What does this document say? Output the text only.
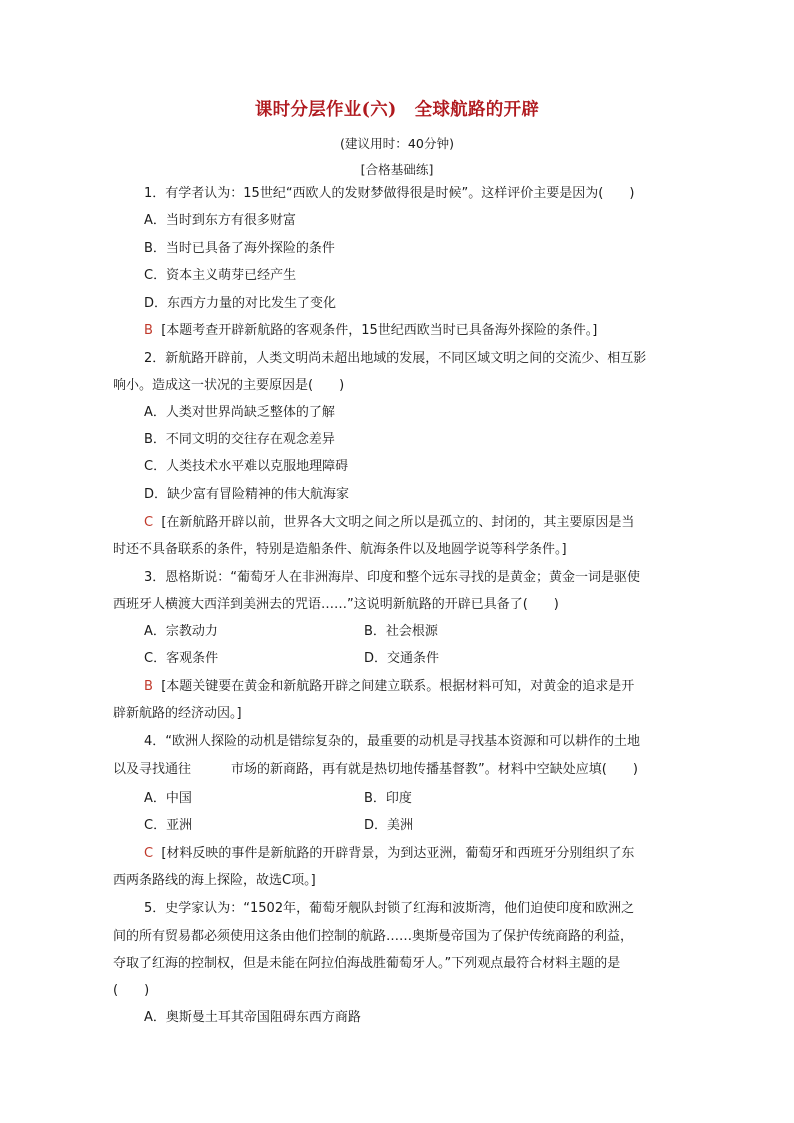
课时分层作业(六) 全球航路的开辟
(建议用时：40分钟)
[合格基础练]
1．有学者认为：15世纪“西欧人的发财梦做得很是时候”。这样评价主要是因为(　　)
A．当时到东方有很多财富
B．当时已具备了海外探险的条件
C．资本主义萌芽已经产生
D．东西方力量的对比发生了变化
B [本题考查开辟新航路的客观条件，15世纪西欧当时已具备海外探险的条件。]
2．新航路开辟前，人类文明尚未超出地域的发展，不同区域文明之间的交流少、相互影
响小。造成这一状况的主要原因是(　　)
A．人类对世界尚缺乏整体的了解
B．不同文明的交往存在观念差异
C．人类技术水平难以克服地理障碍
D．缺少富有冒险精神的伟大航海家
C [在新航路开辟以前，世界各大文明之间之所以是孤立的、封闭的，其主要原因是当
时还不具备联系的条件，特别是造船条件、航海条件以及地圆学说等科学条件。]
3．恩格斯说：“葡萄牙人在非洲海岸、印度和整个远东寻找的是黄金；黄金一词是驱使
西班牙人横渡大西洋到美洲去的咒语……”这说明新航路的开辟已具备了(　　)
A．宗教动力	B．社会根源
C．客观条件	D．交通条件
B [本题关键要在黄金和新航路开辟之间建立联系。根据材料可知，对黄金的追求是开
辟新航路的经济动因。]
4．“欧洲人探险的动机是错综复杂的，最重要的动机是寻找基本资源和可以耕作的土地
以及寻找通往	市场的新商路，再有就是热切地传播基督教”。材料中空缺处应填(　　)
A．中国	B．印度
C．亚洲	D．美洲
C [材料反映的事件是新航路的开辟背景，为到达亚洲，葡萄牙和西班牙分别组织了东
西两条路线的海上探险，故选C项。]
5．史学家认为：“1502年，葡萄牙舰队封锁了红海和波斯湾，他们迫使印度和欧洲之
间的所有贸易都必须使用这条由他们控制的航路……奥斯曼帝国为了保护传统商路的利益，
夺取了红海的控制权，但是未能在阿拉伯海战胜葡萄牙人。”下列观点最符合材料主题的是
(　　)
A．奥斯曼土耳其帝国阻碍东西方商路
